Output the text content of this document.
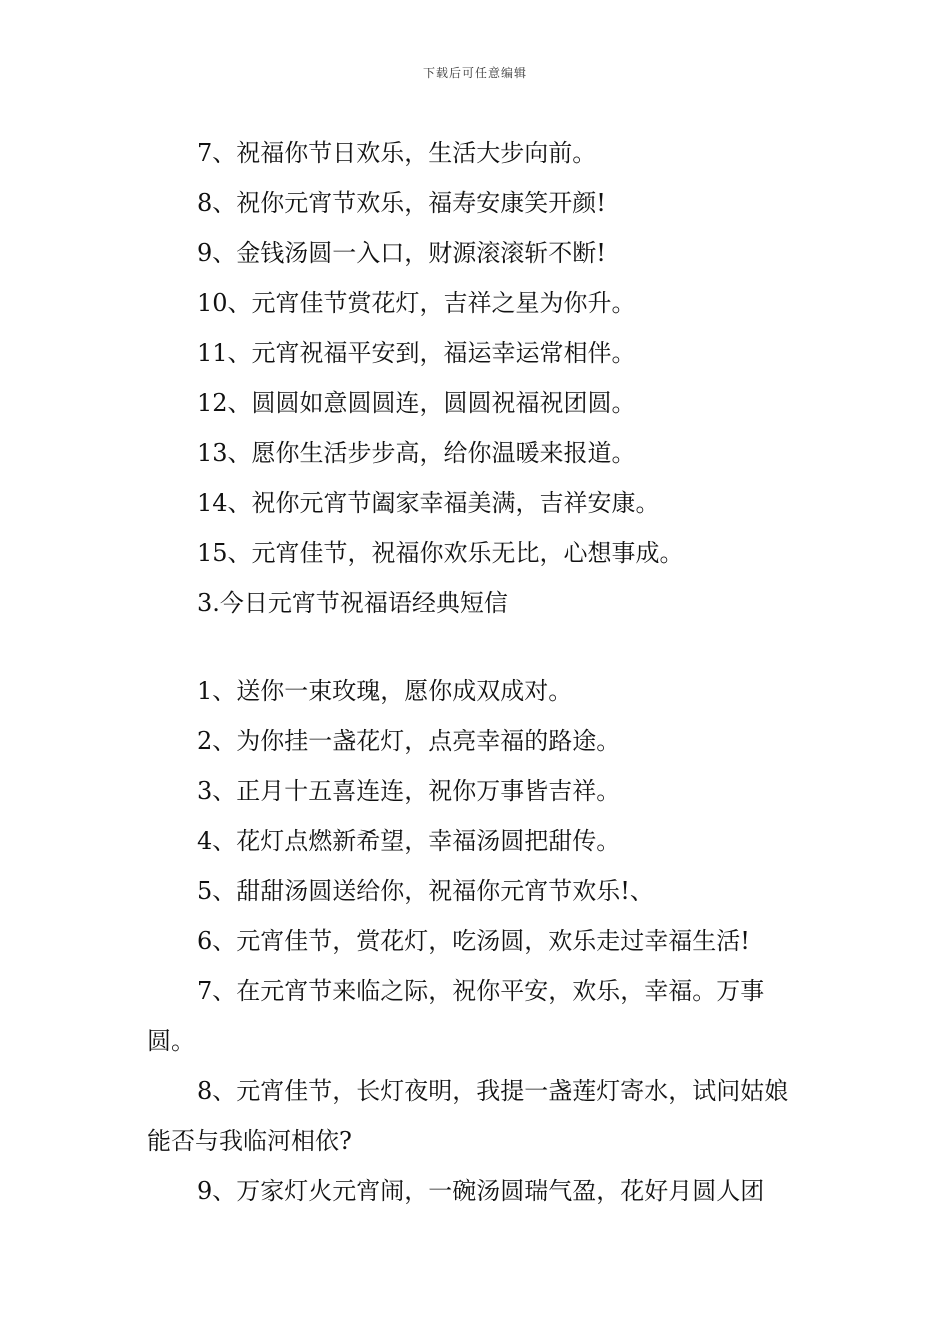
下载后可任意编辑

7、祝福你节日欢乐，生活大步向前。

8、祝你元宵节欢乐，福寿安康笑开颜!

9、金钱汤圆一入口，财源滚滚斩不断!

10、元宵佳节赏花灯，吉祥之星为你升。

11、元宵祝福平安到，福运幸运常相伴。

12、圆圆如意圆圆连，圆圆祝福祝团圆。

13、愿你生活步步高，给你温暖来报道。

14、祝你元宵节阖家幸福美满，吉祥安康。

15、元宵佳节，祝福你欢乐无比，心想事成。

3.今日元宵节祝福语经典短信

1、送你一束玫瑰，愿你成双成对。

2、为你挂一盏花灯，点亮幸福的路途。

3、正月十五喜连连，祝你万事皆吉祥。

4、花灯点燃新希望，幸福汤圆把甜传。

5、甜甜汤圆送给你，祝福你元宵节欢乐!、

6、元宵佳节，赏花灯，吃汤圆，欢乐走过幸福生活!

7、在元宵节来临之际，祝你平安，欢乐，幸福。万事圆。

8、元宵佳节，长灯夜明，我提一盏莲灯寄水，试问姑娘能否与我临河相依?

9、万家灯火元宵闹，一碗汤圆瑞气盈，花好月圆人团
